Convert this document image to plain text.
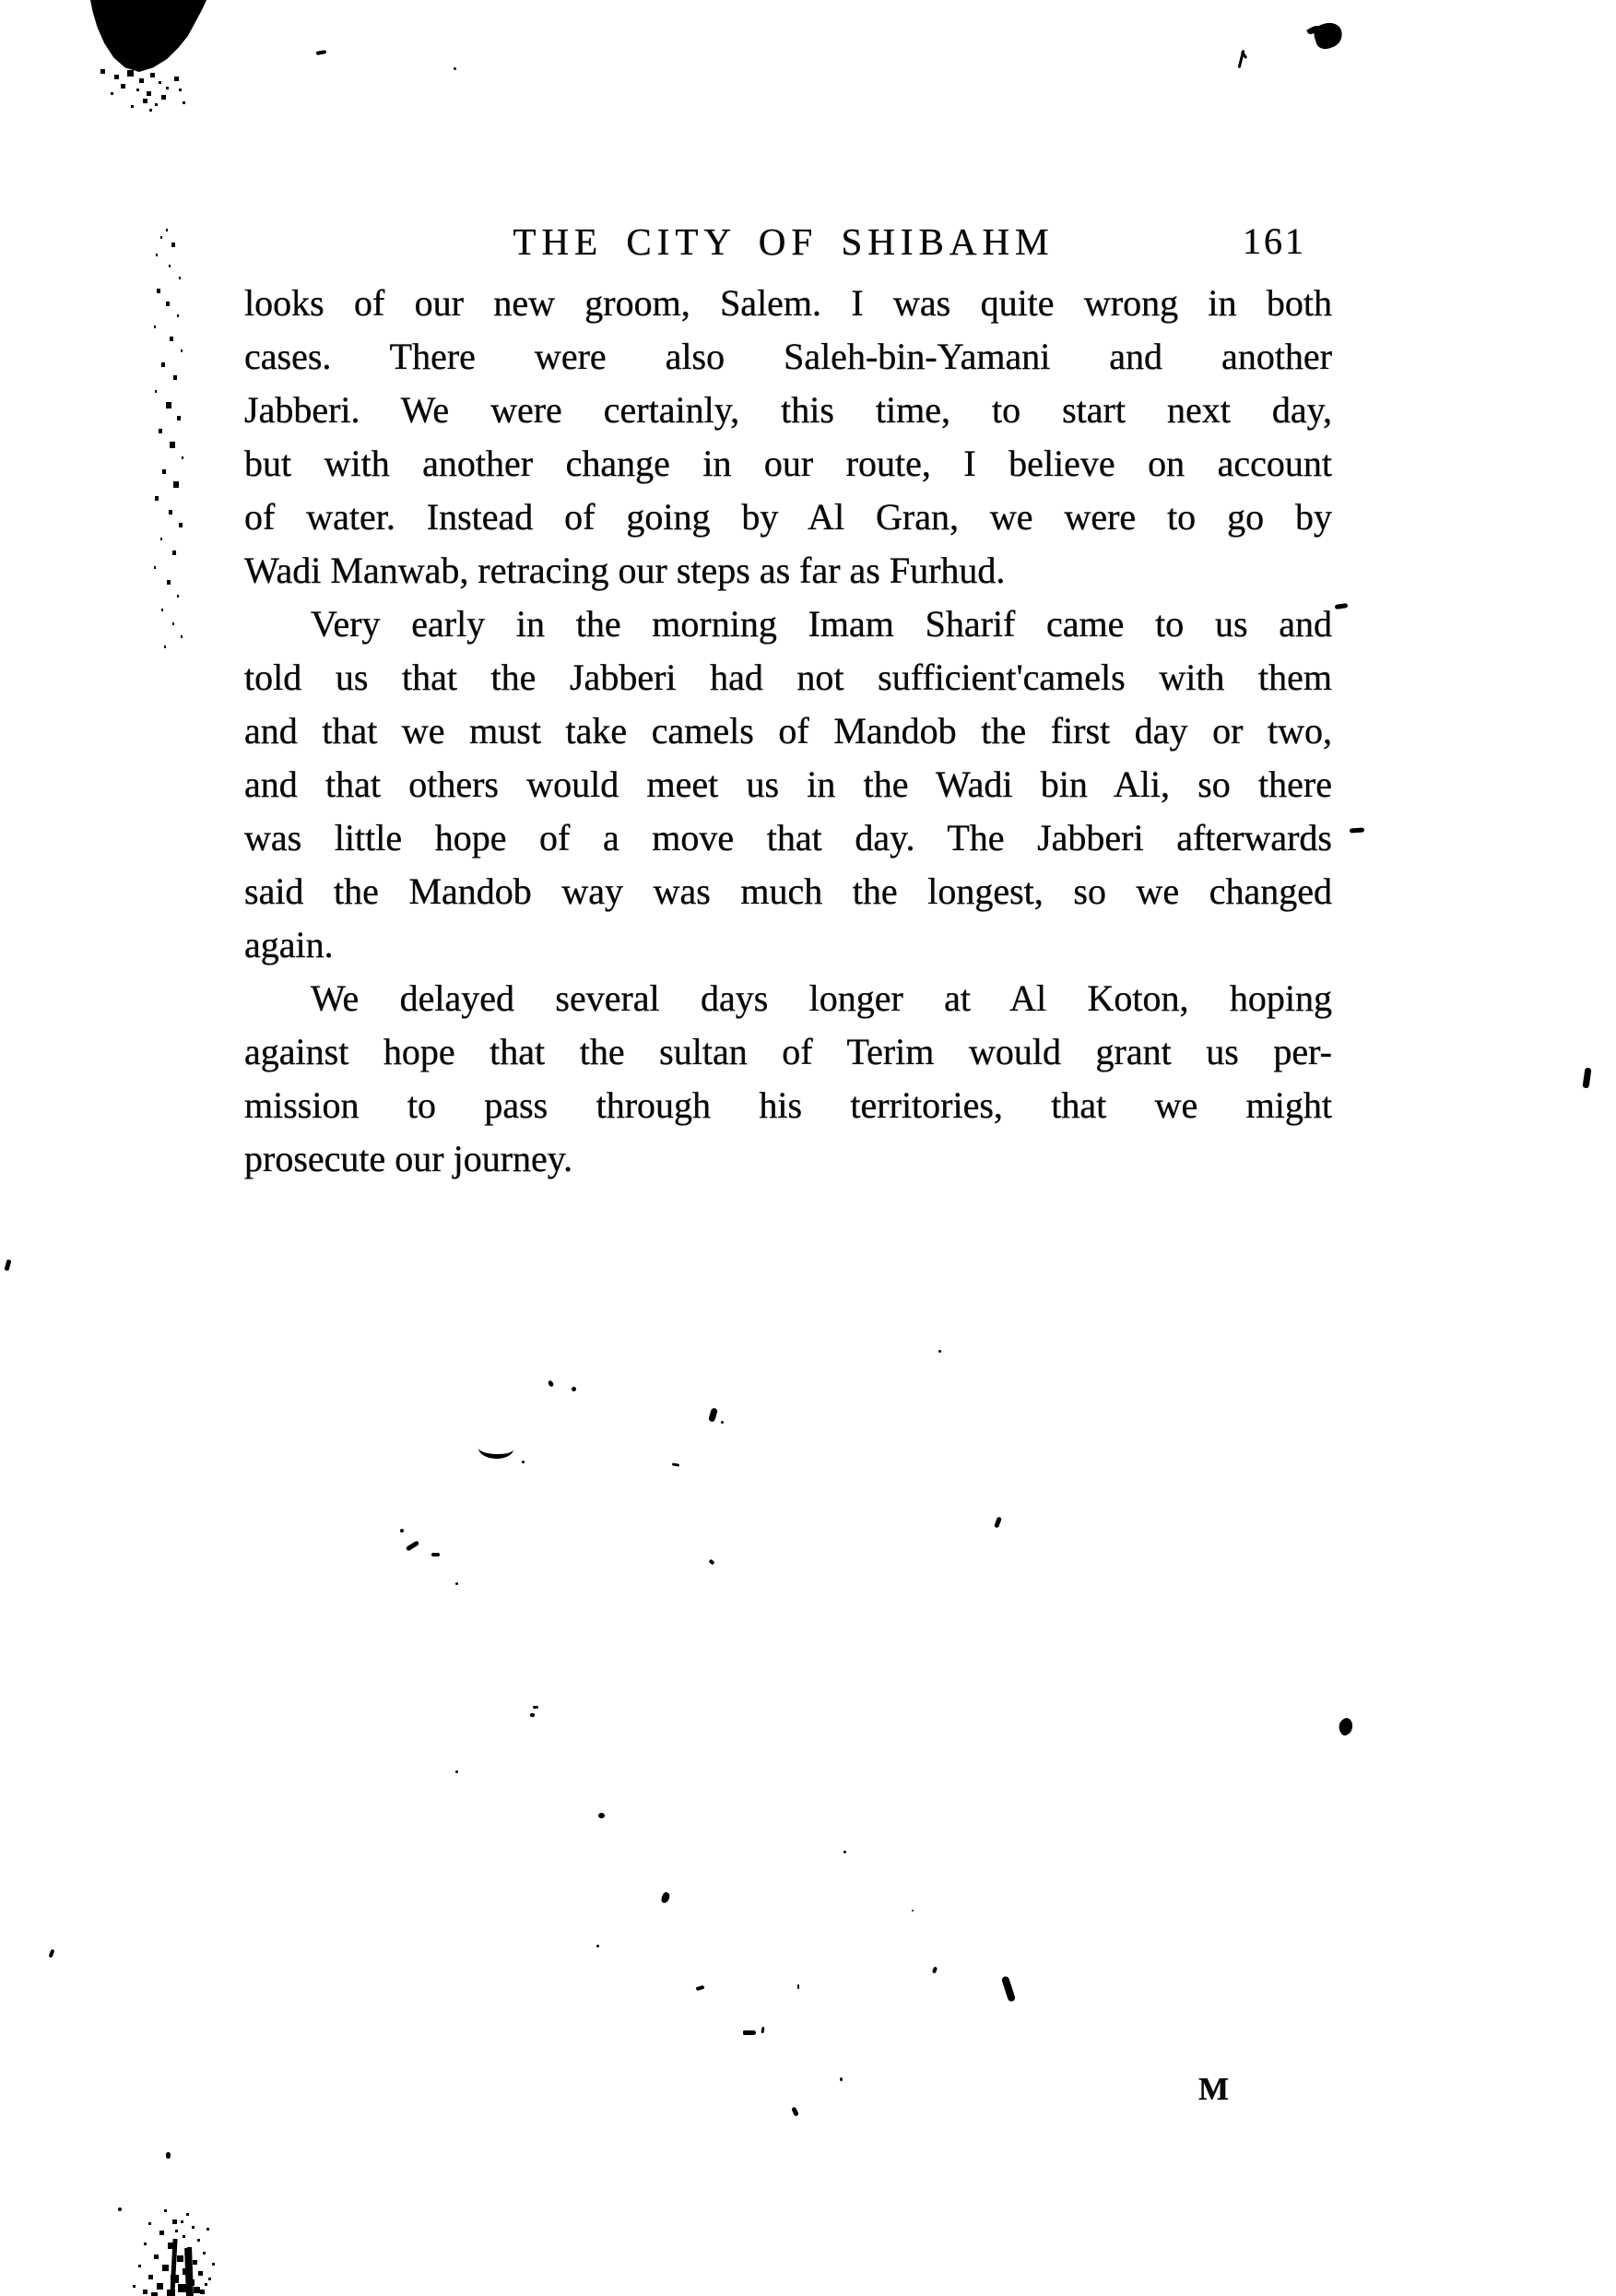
THE CITY OF SHIBAHM	161
looks of our new groom, Salem. I was quite wrong in both
cases. There were also Saleh-bin-Yamani and another
Jabberi. We were certainly, this time, to start next day,
but with another change in our route, I believe on account
of water. Instead of going by Al Gran, we were to go by
Wadi Manwab, retracing our steps as far as Furhud.
Very early in the morning Imam Sharif came to us and
told us that the Jabberi had not sufficient'camels with them
and that we must take camels of Mandob the first day or two,
and that others would meet us in the Wadi bin Ali, so there
was little hope of a move that day. The Jabberi afterwards
said the Mandob way was much the longest, so we changed
again.
We delayed several days longer at Al Koton, hoping
against hope that the sultan of Terim would grant us per-
mission to pass through his territories, that we might
prosecute our journey.
M
